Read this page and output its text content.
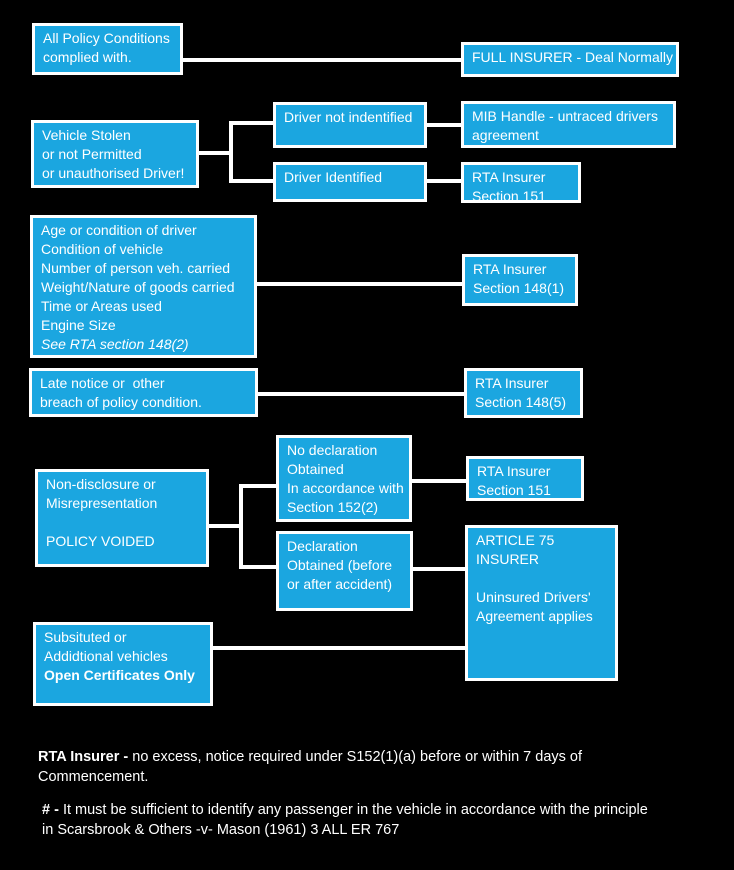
All Policy Conditions
complied with.	FULL INSURER - Deal Normally
Vehicle Stolen
or not Permitted
or unauthorised Driver!
Driver not indentified	MIB Handle - untraced drivers
agreement
Driver Identified	RTA Insurer
Section 151
Age or condition of driver
Condition of vehicle
Number of person veh. carried
Weight/Nature of goods carried
Time or Areas used
Engine Size
See RTA section 148(2)
RTA Insurer
Section 148(1)
Late notice or  other
breach of policy condition.
RTA Insurer
Section 148(5)
No declaration
Obtained
In accordance with
Section 152(2)
RTA Insurer
Section 151
Non-disclosure or
Misrepresentation
POLICY VOIDED	Declaration
Obtained (before
or after accident)
ARTICLE 75
INSURER
Uninsured Drivers'
Agreement applies
Subsituted or
Addidtional vehicles
Open Certificates Only
RTA Insurer - no excess, notice required under S152(1)(a) before or within 7 days of
Commencement.
# - It must be sufficient to identify any passenger in the vehicle in accordance with the principle
in Scarsbrook & Others -v- Mason (1961) 3 ALL ER 767
